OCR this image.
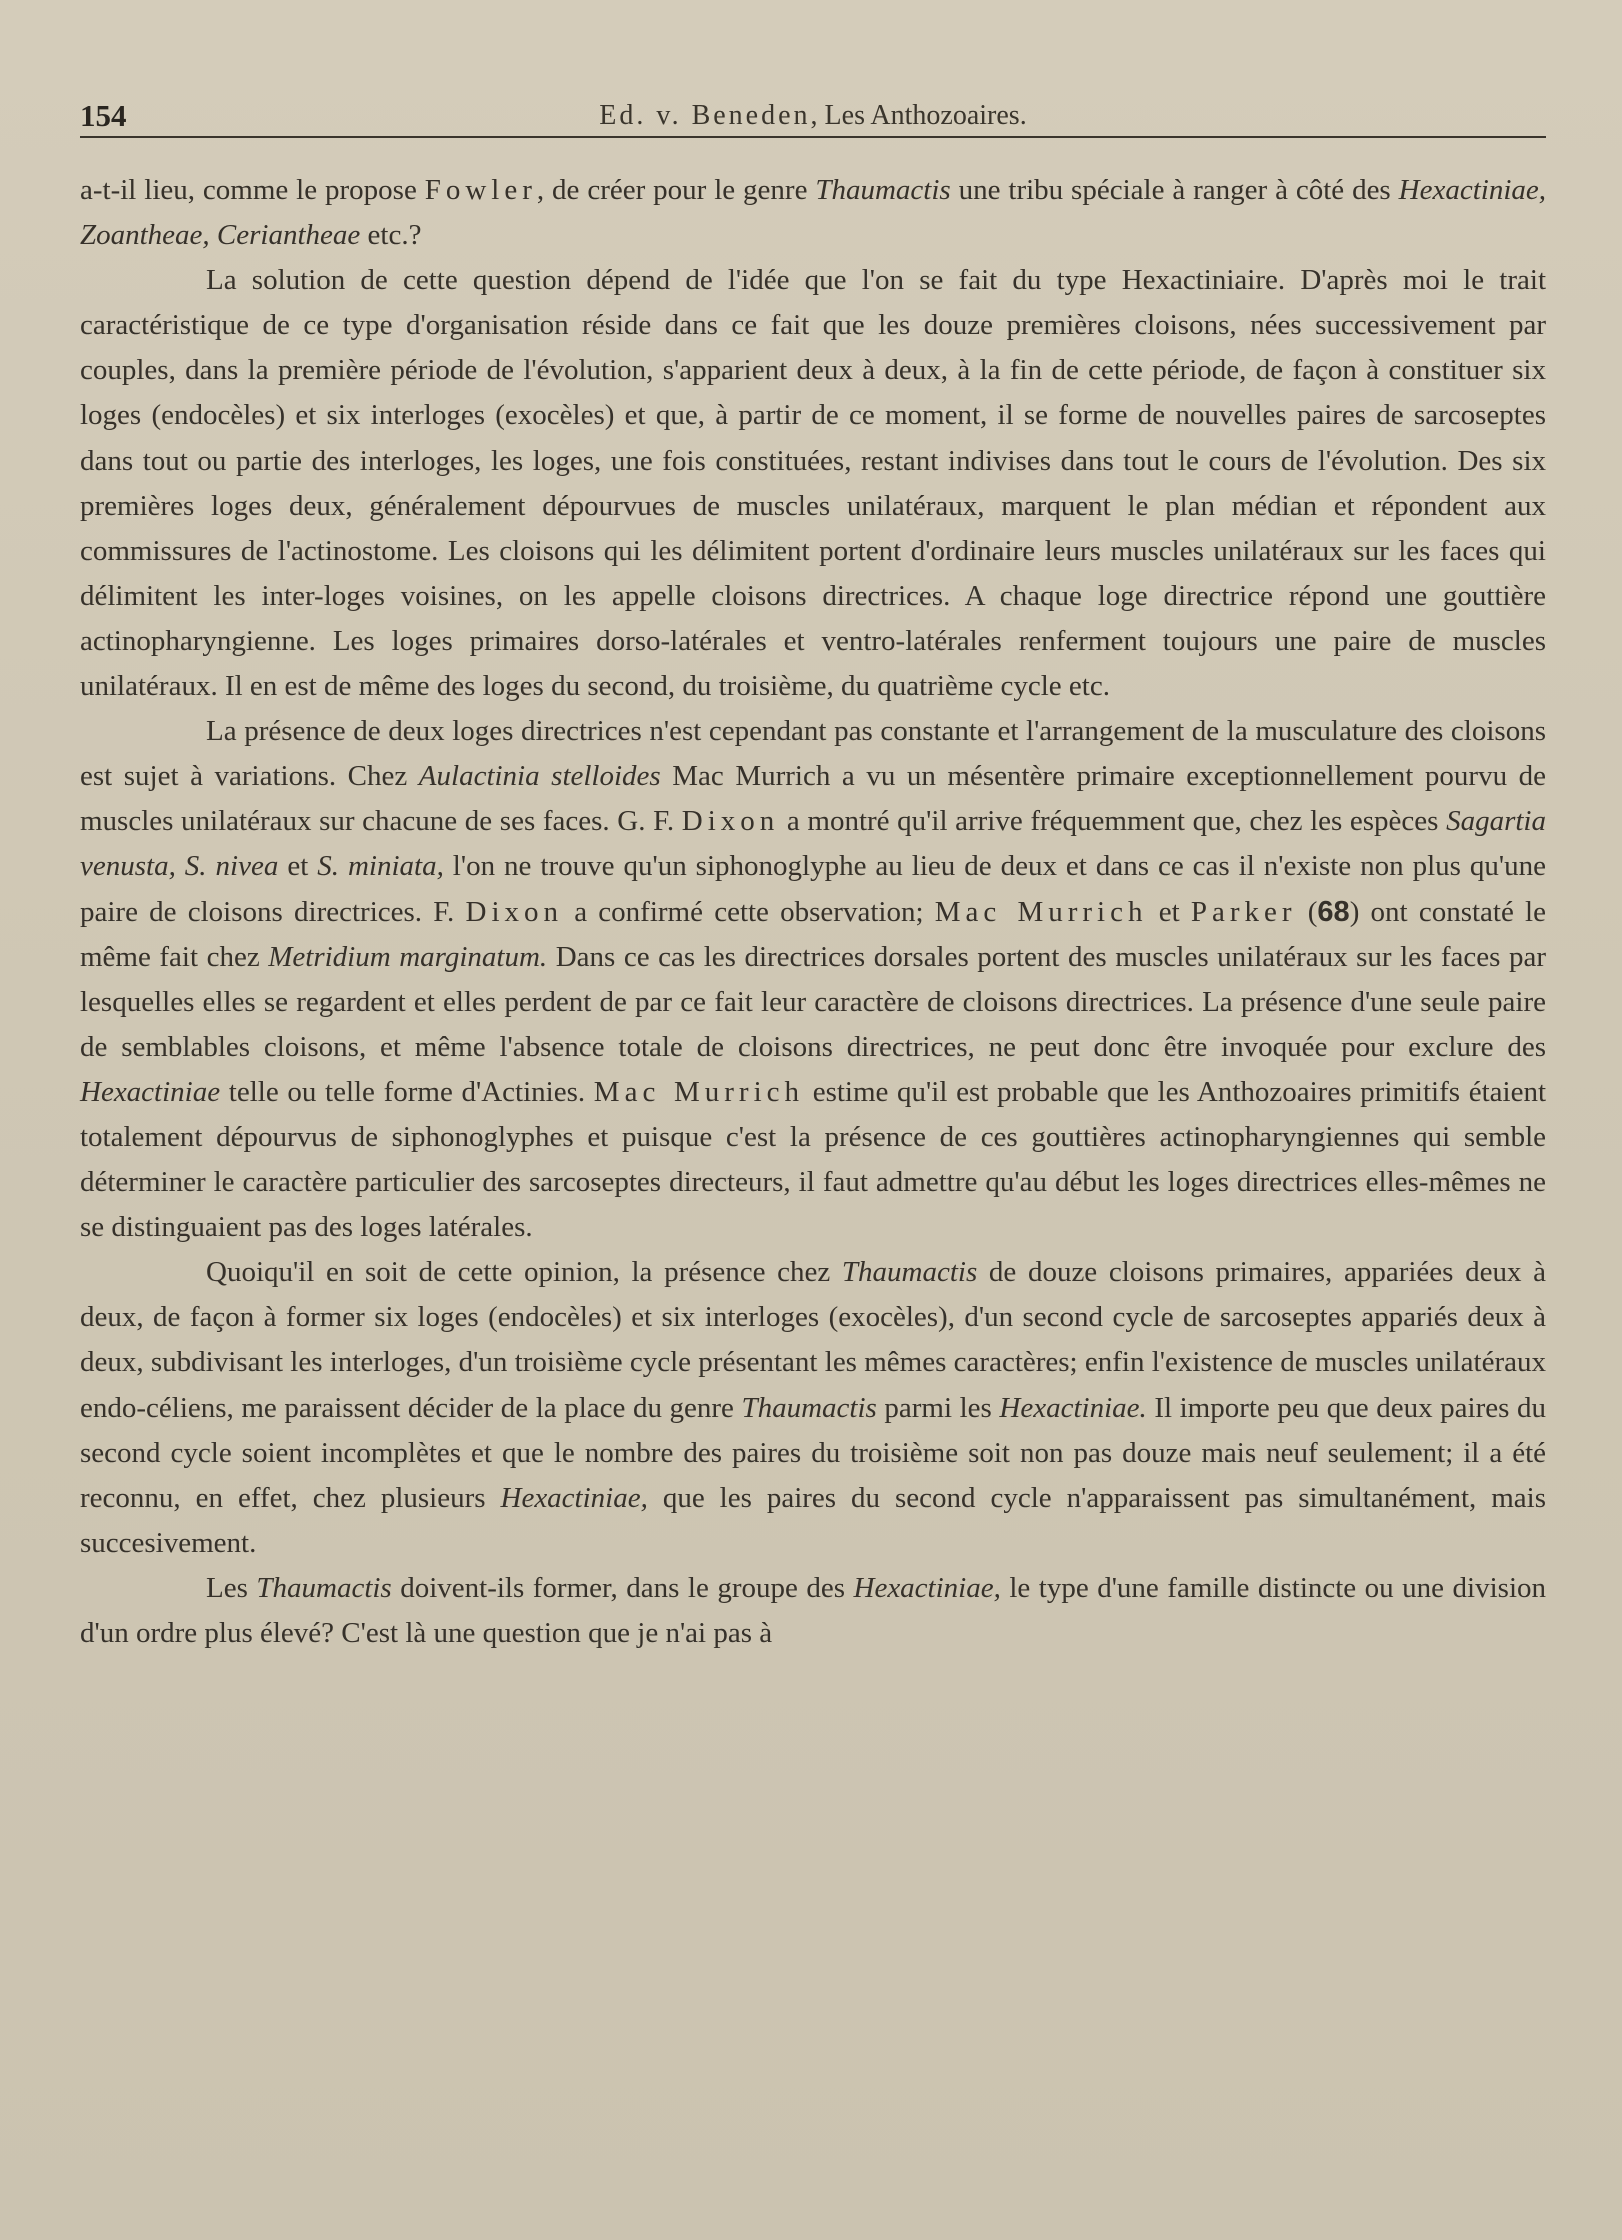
154	Ed. v. Beneden, Les Anthozoaires.

a-t-il lieu, comme le propose Fowler, de créer pour le genre Thaumactis une tribu spéciale à ranger à côté des Hexactiniae, Zoantheae, Ceriantheae etc.?

La solution de cette question dépend de l'idée que l'on se fait du type Hexactiniaire. D'après moi le trait caractéristique de ce type d'organisation réside dans ce fait que les douze premières cloisons, nées successivement par couples, dans la première période de l'évolution, s'apparient deux à deux, à la fin de cette période, de façon à constituer six loges (endocèles) et six interloges (exocèles) et que, à partir de ce moment, il se forme de nouvelles paires de sarcoseptes dans tout ou partie des interloges, les loges, une fois constituées, restant indivises dans tout le cours de l'évolution. Des six premières loges deux, généralement dépourvues de muscles unilatéraux, marquent le plan médian et répondent aux commissures de l'actinostome. Les cloisons qui les délimitent portent d'ordinaire leurs muscles unilatéraux sur les faces qui délimitent les inter-loges voisines, on les appelle cloisons directrices. A chaque loge directrice répond une gouttière actinopharyngienne. Les loges primaires dorso-latérales et ventro-latérales renferment toujours une paire de muscles unilatéraux. Il en est de même des loges du second, du troisième, du quatrième cycle etc.

La présence de deux loges directrices n'est cependant pas constante et l'arrangement de la musculature des cloisons est sujet à variations. Chez Aulactinia stelloides Mac Murrich a vu un mésentère primaire exceptionnellement pourvu de muscles unilatéraux sur chacune de ses faces. G. F. Dixon a montré qu'il arrive fréquemment que, chez les espèces Sagartia venusta, S. nivea et S. miniata, l'on ne trouve qu'un siphonoglyphe au lieu de deux et dans ce cas il n'existe non plus qu'une paire de cloisons directrices. F. Dixon a confirmé cette observation; Mac Murrich et Parker (68) ont constaté le même fait chez Metridium marginatum. Dans ce cas les directrices dorsales portent des muscles unilatéraux sur les faces par lesquelles elles se regardent et elles perdent de par ce fait leur caractère de cloisons directrices. La présence d'une seule paire de semblables cloisons, et même l'absence totale de cloisons directrices, ne peut donc être invoquée pour exclure des Hexactiniae telle ou telle forme d'Actinies. Mac Murrich estime qu'il est probable que les Anthozoaires primitifs étaient totalement dépourvus de siphonoglyphes et puisque c'est la présence de ces gouttières actinopharyngiennes qui semble déterminer le caractère particulier des sarcoseptes directeurs, il faut admettre qu'au début les loges directrices elles-mêmes ne se distinguaient pas des loges latérales.

Quoiqu'il en soit de cette opinion, la présence chez Thaumactis de douze cloisons primaires, appariées deux à deux, de façon à former six loges (endocèles) et six interloges (exocèles), d'un second cycle de sarcoseptes appariés deux à deux, subdivisant les interloges, d'un troisième cycle présentant les mêmes caractères; enfin l'existence de muscles unilatéraux endo-céliens, me paraissent décider de la place du genre Thaumactis parmi les Hexactiniae. Il importe peu que deux paires du second cycle soient incomplètes et que le nombre des paires du troisième soit non pas douze mais neuf seulement; il a été reconnu, en effet, chez plusieurs Hexactiniae, que les paires du second cycle n'apparaissent pas simultanément, mais succesivement.

Les Thaumactis doivent-ils former, dans le groupe des Hexactiniae, le type d'une famille distincte ou une division d'un ordre plus élevé? C'est là une question que je n'ai pas à
